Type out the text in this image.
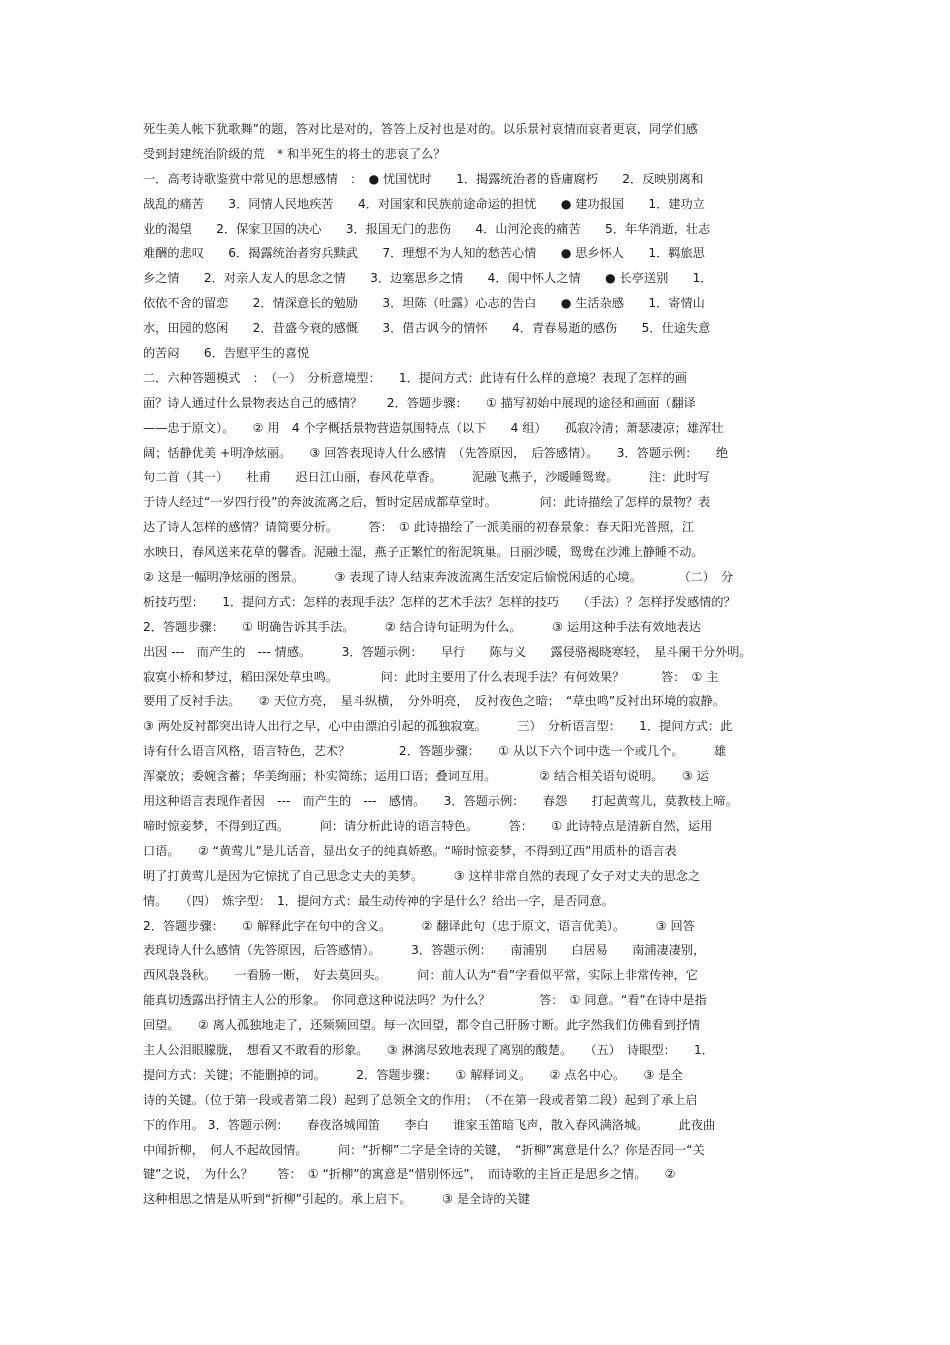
死生美人帐下犹歌舞”的题，答对比是对的，答答上反衬也是对的。以乐景衬哀情而哀者更哀，同学们感
受到封建统治阶级的荒　* 和半死生的将士的悲哀了么？
一．高考诗歌鉴赏中常见的思想感情　：　● 忧国忧时　　1．揭露统治者的昏庸腐朽　　2．反映别离和
战乱的痛苦　　3．同情人民地疾苦　　4．对国家和民族前途命运的担忧　　● 建功报国　　1．建功立
业的渴望　　2．保家卫国的决心　　3．报国无门的悲伤　　4．山河沦丧的痛苦　　5．年华消逝，壮志
难酬的悲叹　　6．揭露统治者穷兵黩武　　7．理想不为人知的愁苦心情　　● 思乡怀人　　1．羁旅思
乡之情　　2．对亲人友人的思念之情　　3．边塞思乡之情　　4．闺中怀人之情　　● 长亭送别　　1．
依依不舍的留恋　　2．情深意长的勉励　　3．坦陈（吐露）心志的告白　　● 生活杂感　　1．寄情山
水，田园的悠闲　　2．昔盛今衰的感慨　　3．借古讽今的情怀　　4．青春易逝的感伤　　5．仕途失意
的苦闷　　6．告慰平生的喜悦
二．六种答题模式　：　（一）　分析意境型：　　1．提问方式：此诗有什么样的意境？表现了怎样的画
面？诗人通过什么景物表达自己的感情？　　2．答题步骤：　　① 描写初始中展现的途径和画面（翻译
——忠于原文）。　　② 用　4 个字概括景物营造氛围特点（以下　　4 组）　　孤寂冷清；萧瑟凄凉；雄浑壮
阔；恬静优美 +明净炫丽。　　③ 回答表现诗人什么感情　（先答原因，　后答感情）。　　3．答题示例：　　绝
句二首（其一）　　杜甫　　迟日江山丽，春风花草香。　　　泥融飞燕子，沙暖睡鸳鸯。　　　注：此时写
于诗人经过“一岁四行役”的奔波流离之后，暂时定居成都草堂时。　　　　问：此诗描绘了怎样的景物？表
达了诗人怎样的感情？请简要分析。　　　答：　① 此诗描绘了一派美丽的初春景象：春天阳光普照，江
水映日，春风送来花草的馨香。泥融土湿，燕子正繁忙的衔泥筑巢。日丽沙暖，鸳鸯在沙滩上静睡不动。
② 这是一幅明净炫丽的图景。　　　③ 表现了诗人结束奔波流离生活安定后愉悦闲适的心境。　　　　（二）　分
析技巧型：　　1．提问方式：怎样的表现手法？怎样的艺术手法？怎样的技巧　　（手法）？怎样抒发感情的？
2．答题步骤：　　① 明确告诉其手法。　　　② 结合诗句证明为什么。　　　③ 运用这种手法有效地表达
出因 ---　而产生的　--- 情感。　　　3．答题示例：　　早行　　陈与义　　露侵骆褐晓寒轻，　星斗阑干分外明。
寂寞小桥和梦过，稻田深处草虫鸣。　　　　问：此时主要用了什么表现手法？有何效果？　　　答：　① 主
要用了反衬手法。　　② 天位方亮，　星斗纵横，　分外明亮，　反衬夜色之暗；　“草虫鸣”反衬出环境的寂静。
③ 两处反衬都突出诗人出行之早，心中由漂泊引起的孤独寂寞。　　　三）　分析语言型：　　1．提问方式：此
诗有什么语言风格，语言特色，艺术？　　　　2．答题步骤：　　① 从以下六个词中选一个或几个。　　　雄
浑豪放；委婉含蓄；华美绚丽；朴实简练；运用口语；叠词互用。　　　　② 结合相关语句说明。　　③ 运
用这种语言表现作者因　---　而产生的　---　感情。　　3．答题示例：　　春怨　　打起黄莺儿，莫教枝上啼。
啼时惊妾梦，不得到辽西。　　　问：请分析此诗的语言特色。　　　答：　　① 此诗特点是清新自然，运用
口语。　　② “黄莺儿”是儿话音，显出女子的纯真娇憨。“啼时惊妾梦，不得到辽西”用质朴的语言表
明了打黄莺儿是因为它惊扰了自己思念丈夫的美梦。　　　③ 这样非常自然的表现了女子对丈夫的思念之
情。　　（四）　炼字型：　1．提问方式：最生动传神的字是什么？给出一字，是否同意。
2．答题步骤：　　① 解释此字在句中的含义。　　　② 翻译此句（忠于原文，语言优美）。　　　③ 回答
表现诗人什么感情（先答原因，后答感情）。　　　3．答题示例：　　南浦别　　白居易　　南浦凄凄别，
西风袅袅秋。　　一看肠一断，　好去莫回头。　　　问：前人认为“看”字看似平常，实际上非常传神，它
能真切透露出抒情主人公的形象。　你同意这种说法吗？为什么？　　　　答：　① 同意。“看”在诗中是指
回望。　　② 离人孤独地走了，还频频回望。每一次回望，都令自己肝肠寸断。此字然我们仿佛看到抒情
主人公泪眼朦胧，　想看又不敢看的形象。　　③ 淋漓尽致地表现了离别的酸楚。　　（五）　诗眼型：　　1．
提问方式：关键；不能删掉的词。　　　2．答题步骤：　　① 解释词义。　　② 点名中心。　　③ 是全
诗的关键。（位于第一段或者第二段）起到了总领全文的作用；　（不在第一段或者第二段）起到了承上启
下的作用。 3．答题示例：　　春夜洛城闻笛　　李白　　谁家玉笛暗飞声，散入春风满洛城。　　　此夜曲
中闻折柳，　何人不起故园情。　　　问：“折柳”二字是全诗的关键，　“折柳”寓意是什么？你是否同一“关
键”之说，　为什么？　　答：　① “折柳”的寓意是“惜别怀远”，　而诗歌的主旨正是思乡之情。　　②
这种相思之情是从听到“折柳”引起的。承上启下。　　　③ 是全诗的关键
